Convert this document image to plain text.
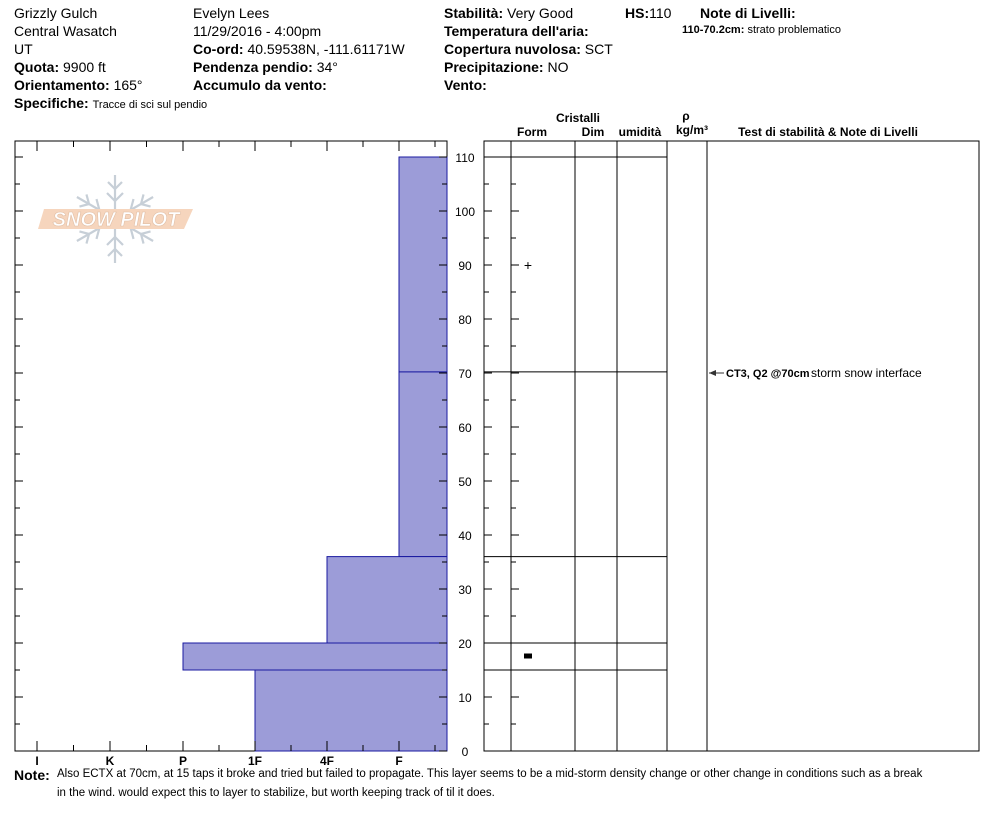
Grizzly Gulch
Central Wasatch
UT
Quota: 9900 ft
Orientamento: 165°
Specifiche: Tracce di sci sul pendio
Evelyn Lees
11/29/2016 - 4:00pm
Co-ord: 40.59538N, -111.61171W
Pendenza pendio: 34°
Accumulo da vento:
Stabilità: Very Good
Temperatura dell'aria:
Copertura nuvolosa: SCT
Precipitazione: NO
Vento:
HS:110 Note di Livelli:
110-70.2cm: strato problematico
SNOW PILOT
I	K	P	1F	4F	F
0
10
20
30
40
50
60
70
80
90
100
110
+
Cristalli
Form	Dim umidità
ρ
kg/m³	Test di stabilità & Note di Livelli
CT3, Q2 @70cm storm snow interface
Note: Also ECTX at 70cm, at 15 taps it broke and tried but failed to propagate. This layer seems to be a mid-storm density change or other change in conditions such as a break
in the wind. would expect this to layer to stabilize, but worth keeping track of til it does.
